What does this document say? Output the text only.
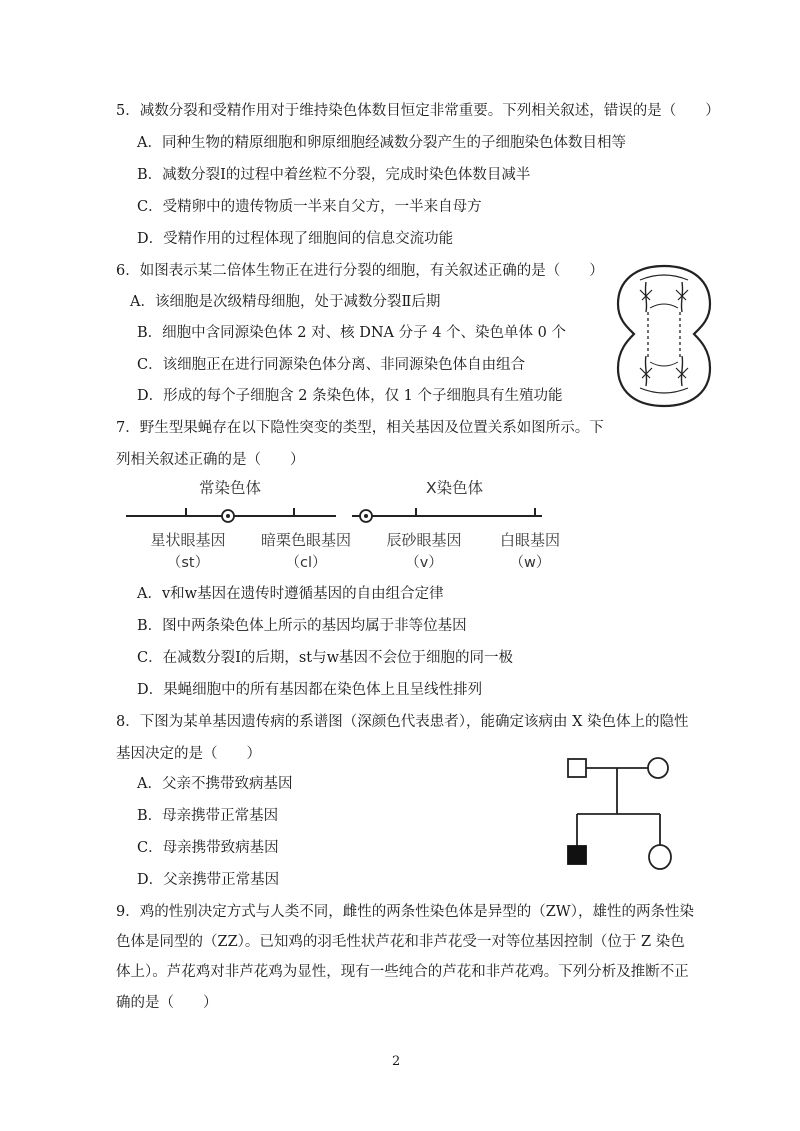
5．减数分裂和受精作用对于维持染色体数目恒定非常重要。下列相关叙述，错误的是（　　）
A．同种生物的精原细胞和卵原细胞经减数分裂产生的子细胞染色体数目相等
B．减数分裂Ⅰ的过程中着丝粒不分裂，完成时染色体数目减半
C．受精卵中的遗传物质一半来自父方，一半来自母方
D．受精作用的过程体现了细胞间的信息交流功能
6．如图表示某二倍体生物正在进行分裂的细胞，有关叙述正确的是（　　）
A．该细胞是次级精母细胞，处于减数分裂Ⅱ后期
B．细胞中含同源染色体 2 对、核 DNA 分子 4 个、染色单体 0 个
C．该细胞正在进行同源染色体分离、非同源染色体自由组合
D．形成的每个子细胞含 2 条染色体，仅 1 个子细胞具有生殖功能
7．野生型果蝇存在以下隐性突变的类型，相关基因及位置关系如图所示。下
列相关叙述正确的是（　　）
常染色体	X染色体
星状眼基因
（st）
暗栗色眼基因
（cl）
辰砂眼基因
（v）
白眼基因
（w）
A．v和w基因在遗传时遵循基因的自由组合定律
B．图中两条染色体上所示的基因均属于非等位基因
C．在减数分裂Ⅰ的后期，st与w基因不会位于细胞的同一极
D．果蝇细胞中的所有基因都在染色体上且呈线性排列
8．下图为某单基因遗传病的系谱图（深颜色代表患者），能确定该病由 X 染色体上的隐性
基因决定的是（　　）
A．父亲不携带致病基因
B．母亲携带正常基因
C．母亲携带致病基因
D．父亲携带正常基因
9．鸡的性别决定方式与人类不同，雌性的两条性染色体是异型的（ZW），雄性的两条性染
色体是同型的（ZZ）。已知鸡的羽毛性状芦花和非芦花受一对等位基因控制（位于 Z 染色
体上）。芦花鸡对非芦花鸡为显性，现有一些纯合的芦花和非芦花鸡。下列分析及推断不正
确的是（　　）
2
